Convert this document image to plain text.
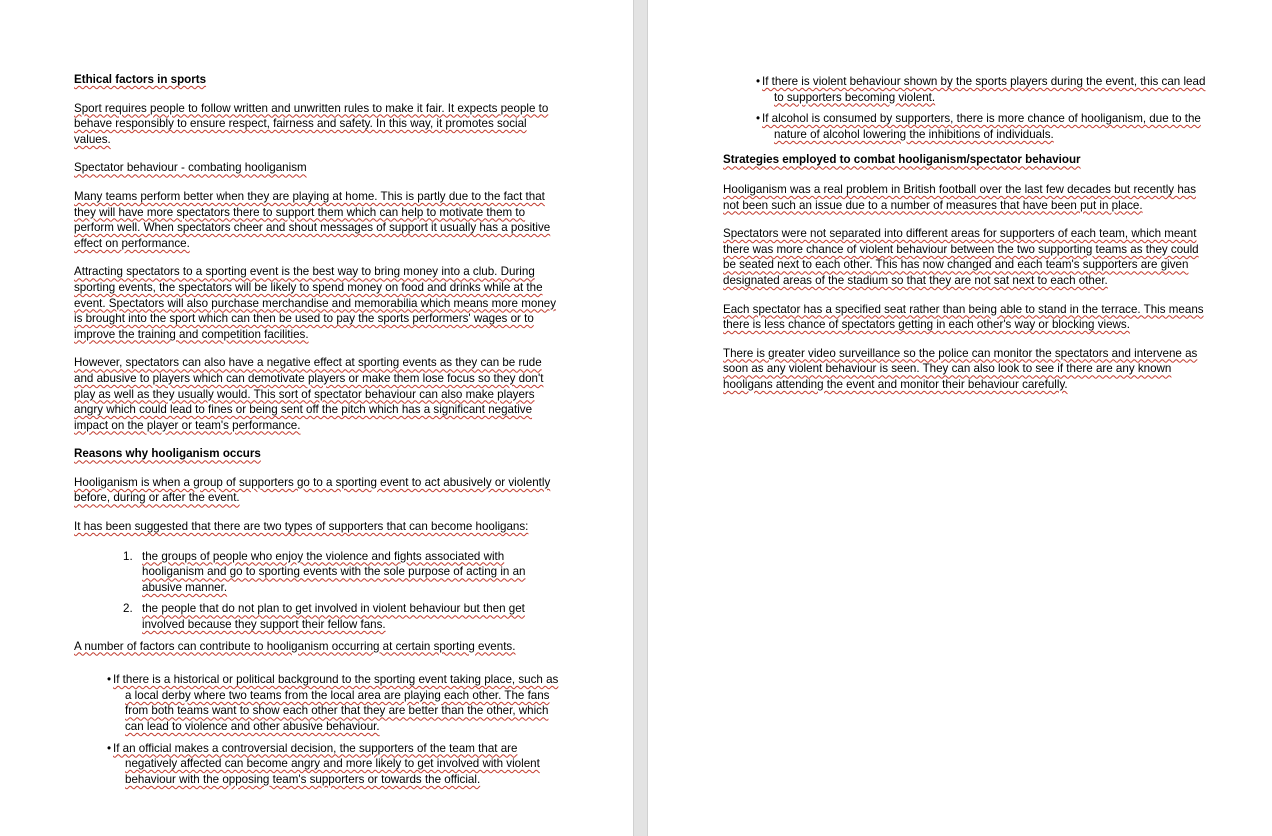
Ethical factors in sports

Sport requires people to follow written and unwritten rules to make it fair. It expects people to behave responsibly to ensure respect, fairness and safety. In this way, it promotes social values.

Spectator behaviour - combating hooliganism

Many teams perform better when they are playing at home. This is partly due to the fact that they will have more spectators there to support them which can help to motivate them to perform well. When spectators cheer and shout messages of support it usually has a positive effect on performance.

Attracting spectators to a sporting event is the best way to bring money into a club. During sporting events, the spectators will be likely to spend money on food and drinks while at the event. Spectators will also purchase merchandise and memorabilia which means more money is brought into the sport which can then be used to pay the sports performers' wages or to improve the training and competition facilities.

However, spectators can also have a negative effect at sporting events as they can be rude and abusive to players which can demotivate players or make them lose focus so they don't play as well as they usually would. This sort of spectator behaviour can also make players angry which could lead to fines or being sent off the pitch which has a significant negative impact on the player or team's performance.

Reasons why hooliganism occurs

Hooliganism is when a group of supporters go to a sporting event to act abusively or violently before, during or after the event.

It has been suggested that there are two types of supporters that can become hooligans:

1. the groups of people who enjoy the violence and fights associated with hooliganism and go to sporting events with the sole purpose of acting in an abusive manner.
2. the people that do not plan to get involved in violent behaviour but then get involved because they support their fellow fans.

A number of factors can contribute to hooliganism occurring at certain sporting events.

• If there is a historical or political background to the sporting event taking place, such as a local derby where two teams from the local area are playing each other. The fans from both teams want to show each other that they are better than the other, which can lead to violence and other abusive behaviour.
• If an official makes a controversial decision, the supporters of the team that are negatively affected can become angry and more likely to get involved with violent behaviour with the opposing team's supporters or towards the official.
• If there is violent behaviour shown by the sports players during the event, this can lead to supporters becoming violent.
• If alcohol is consumed by supporters, there is more chance of hooliganism, due to the nature of alcohol lowering the inhibitions of individuals.

Strategies employed to combat hooliganism/spectator behaviour

Hooliganism was a real problem in British football over the last few decades but recently has not been such an issue due to a number of measures that have been put in place.

Spectators were not separated into different areas for supporters of each team, which meant there was more chance of violent behaviour between the two supporting teams as they could be seated next to each other. This has now changed and each team's supporters are given designated areas of the stadium so that they are not sat next to each other.

Each spectator has a specified seat rather than being able to stand in the terrace. This means there is less chance of spectators getting in each other's way or blocking views.

There is greater video surveillance so the police can monitor the spectators and intervene as soon as any violent behaviour is seen. They can also look to see if there are any known hooligans attending the event and monitor their behaviour carefully.
